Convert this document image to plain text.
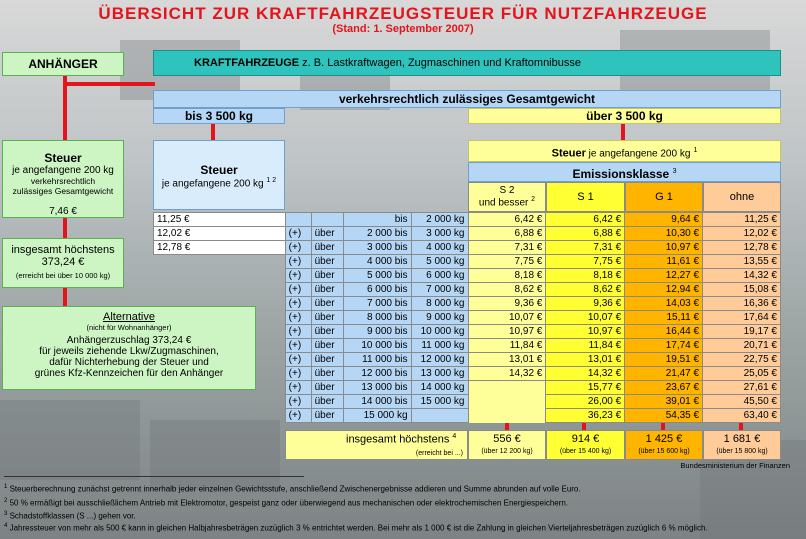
ÜBERSICHT ZUR KRAFTFAHRZEUGSTEUER FÜR NUTZFAHRZEUGE
(Stand: 1. September 2007)
ANHÄNGER
Steuer
je angefangene 200 kg
verkehrsrechtlich
zulässiges Gesamtgewicht
7,46 €
insgesamt höchstens
373,24 €
(erreicht bei über 10 000 kg)
Alternative
(nicht für Wohnanhänger)
Anhängerzuschlag 373,24 €
für jeweils ziehende Lkw/Zugmaschinen,
dafür Nichterhebung der Steuer und
grünes Kfz-Kennzeichen für den Anhänger
KRAFTFAHRZEUGE z. B. Lastkraftwagen, Zugmaschinen und Kraftomnibusse
verkehrsrechtlich zulässiges Gesamtgewicht
bis 3 500 kg	über 3 500 kg
Steuer
je angefangene 200 kg $^{1 2}$
Steuer je angefangene 200 kg $^1$
Emissionsklasse $^3$
S 2
und besser $^2$	S 1	G 1	ohne
11,25 €			bis	2 000 kg	6,42 €	6,42 €	9,64 €	11,25 €
12,02 €	(+)	über	2 000 bis	3 000 kg	6,88 €	6,88 €	10,30 €	12,02 €
12,78 €	(+)	über	3 000 bis	4 000 kg	7,31 €	7,31 €	10,97 €	12,78 €
	(+)	über	4 000 bis	5 000 kg	7,75 €	7,75 €	11,61 €	13,55 €
	(+)	über	5 000 bis	6 000 kg	8,18 €	8,18 €	12,27 €	14,32 €
	(+)	über	6 000 bis	7 000 kg	8,62 €	8,62 €	12,94 €	15,08 €
	(+)	über	7 000 bis	8 000 kg	9,36 €	9,36 €	14,03 €	16,36 €
	(+)	über	8 000 bis	9 000 kg	10,07 €	10,07 €	15,11 €	17,64 €
	(+)	über	9 000 bis	10 000 kg	10,97 €	10,97 €	16,44 €	19,17 €
	(+)	über	10 000 bis	11 000 kg	11,84 €	11,84 €	17,74 €	20,71 €
	(+)	über	11 000 bis	12 000 kg	13,01 €	13,01 €	19,51 €	22,75 €
	(+)	über	12 000 bis	13 000 kg	14,32 €	14,32 €	21,47 €	25,05 €
	(+)	über	13 000 bis	14 000 kg		15,77 €	23,67 €	27,61 €
	(+)	über	14 000 bis	15 000 kg		26,00 €	39,01 €	45,50 €
	(+)	über	15 000 kg			36,23 €	54,35 €	63,40 €
insgesamt höchstens $^4$
(erreicht bei ...)
556 €
(über 12 200 kg)
914 €
(über 15 400 kg)
1 425 €
(über 15 600 kg)
1 681 €
(über 15 800 kg)
Bundesministerium der Finanzen
$^1$ Steuerberechnung zunächst getrennt innerhalb jeder einzelnen Gewichtsstufe, anschließend Zwischenergebnisse addieren und Summe abrunden auf volle Euro.
$^2$ 50 % ermäßigt bei ausschließlichem Antrieb mit Elektromotor, gespeist ganz oder überwiegend aus mechanischen oder elektrochemischen Energiespeichern.
$^3$ Schadstoffklassen (S ...) gehen vor.
$^4$ Jahressteuer von mehr als 500 € kann in gleichen Halbjahresbeträgen zuzüglich 3 % entrichtet werden. Bei mehr als 1 000 € ist die Zahlung in gleichen Vierteljahresbeträgen zuzüglich 6 % möglich.
